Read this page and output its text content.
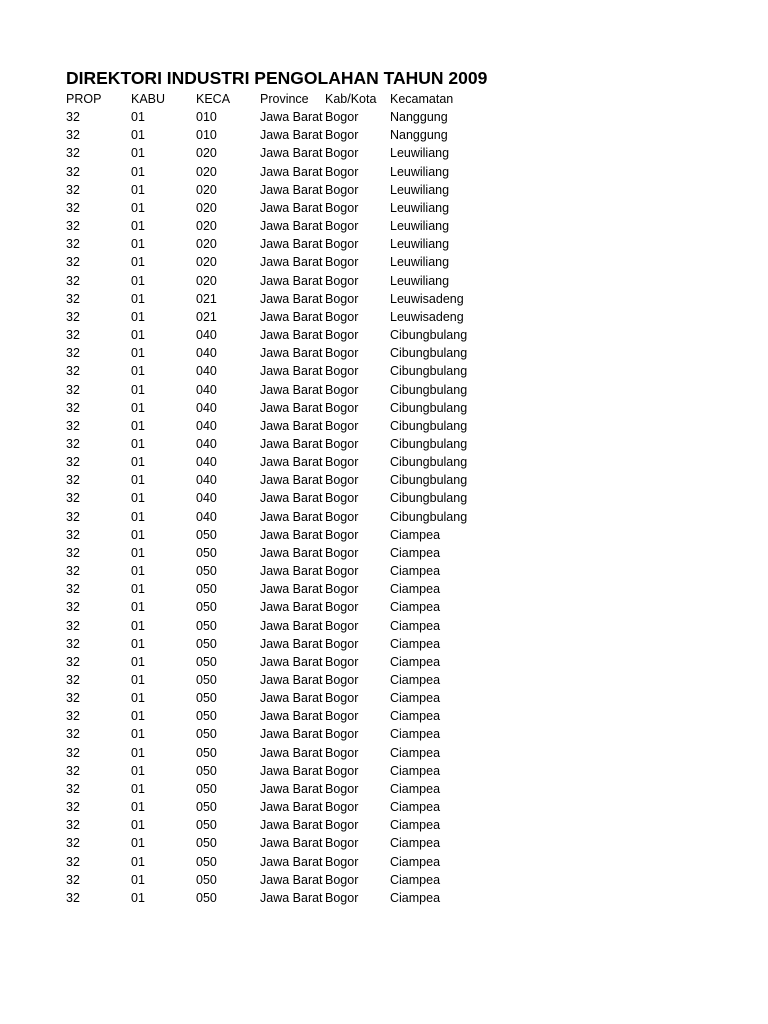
DIREKTORI INDUSTRI PENGOLAHAN TAHUN 2009
PROP KABU KECA Province Kab/Kota Kecamatan
32	01	010	Jawa Barat Bogor	Nanggung
32	01	010	Jawa Barat Bogor	Nanggung
32	01	020	Jawa Barat Bogor	Leuwiliang
32	01	020	Jawa Barat Bogor	Leuwiliang
32	01	020	Jawa Barat Bogor	Leuwiliang
32	01	020	Jawa Barat Bogor	Leuwiliang
32	01	020	Jawa Barat Bogor	Leuwiliang
32	01	020	Jawa Barat Bogor	Leuwiliang
32	01	020	Jawa Barat Bogor	Leuwiliang
32	01	020	Jawa Barat Bogor	Leuwiliang
32	01	021	Jawa Barat Bogor	Leuwisadeng
32	01	021	Jawa Barat Bogor	Leuwisadeng
32	01	040	Jawa Barat Bogor	Cibungbulang
32	01	040	Jawa Barat Bogor	Cibungbulang
32	01	040	Jawa Barat Bogor	Cibungbulang
32	01	040	Jawa Barat Bogor	Cibungbulang
32	01	040	Jawa Barat Bogor	Cibungbulang
32	01	040	Jawa Barat Bogor	Cibungbulang
32	01	040	Jawa Barat Bogor	Cibungbulang
32	01	040	Jawa Barat Bogor	Cibungbulang
32	01	040	Jawa Barat Bogor	Cibungbulang
32	01	040	Jawa Barat Bogor	Cibungbulang
32	01	040	Jawa Barat Bogor	Cibungbulang
32	01	050	Jawa Barat Bogor	Ciampea
32	01	050	Jawa Barat Bogor	Ciampea
32	01	050	Jawa Barat Bogor	Ciampea
32	01	050	Jawa Barat Bogor	Ciampea
32	01	050	Jawa Barat Bogor	Ciampea
32	01	050	Jawa Barat Bogor	Ciampea
32	01	050	Jawa Barat Bogor	Ciampea
32	01	050	Jawa Barat Bogor	Ciampea
32	01	050	Jawa Barat Bogor	Ciampea
32	01	050	Jawa Barat Bogor	Ciampea
32	01	050	Jawa Barat Bogor	Ciampea
32	01	050	Jawa Barat Bogor	Ciampea
32	01	050	Jawa Barat Bogor	Ciampea
32	01	050	Jawa Barat Bogor	Ciampea
32	01	050	Jawa Barat Bogor	Ciampea
32	01	050	Jawa Barat Bogor	Ciampea
32	01	050	Jawa Barat Bogor	Ciampea
32	01	050	Jawa Barat Bogor	Ciampea
32	01	050	Jawa Barat Bogor	Ciampea
32	01	050	Jawa Barat Bogor	Ciampea
32	01	050	Jawa Barat Bogor	Ciampea
